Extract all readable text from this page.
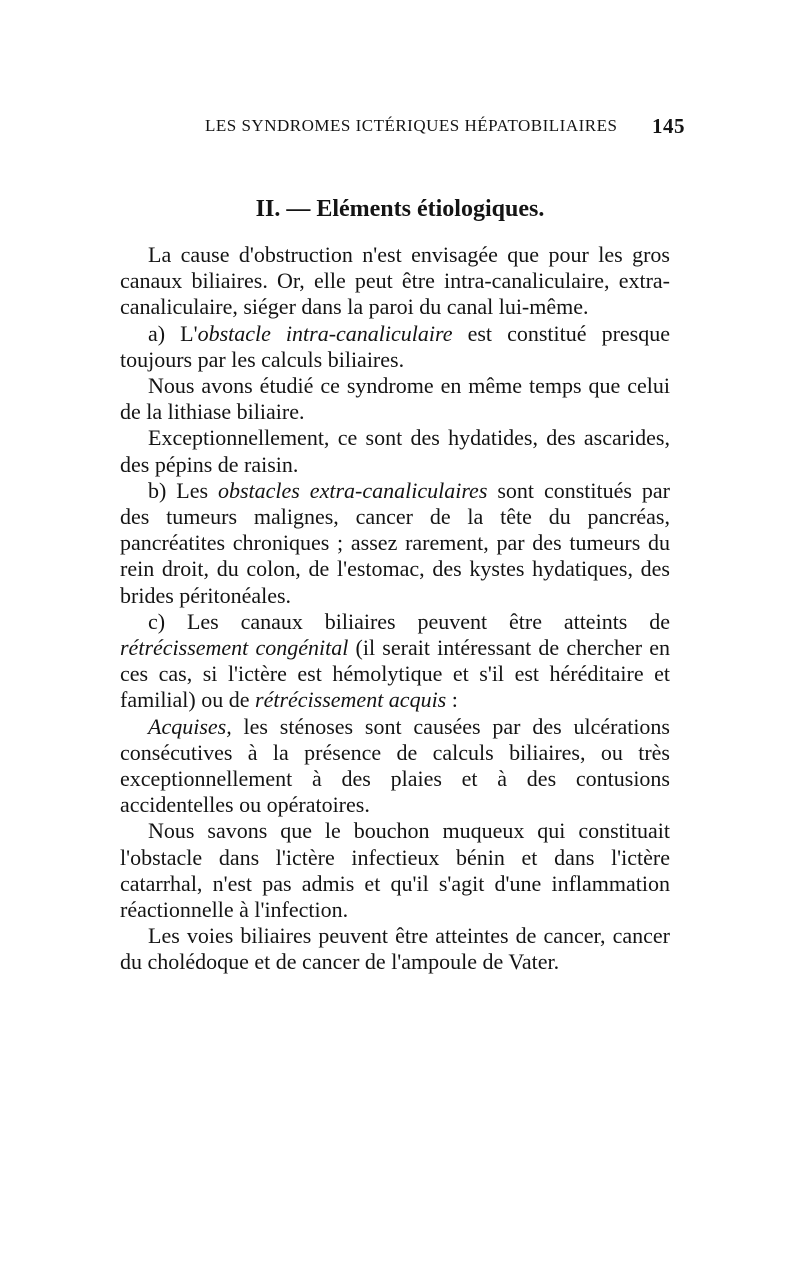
LES SYNDROMES ICTÉRIQUES HÉPATOBILIAIRES 145
II. — Eléments étiologiques.

La cause d'obstruction n'est envisagée que pour les gros canaux biliaires. Or, elle peut être intra-canaliculaire, extra-canaliculaire, siéger dans la paroi du canal lui-même.

a) L'obstacle intra-canaliculaire est constitué presque toujours par les calculs biliaires.

Nous avons étudié ce syndrome en même temps que celui de la lithiase biliaire.

Exceptionnellement, ce sont des hydatides, des ascarides, des pépins de raisin.

b) Les obstacles extra-canaliculaires sont constitués par des tumeurs malignes, cancer de la tête du pancréas, pancréatites chroniques ; assez rarement, par des tumeurs du rein droit, du colon, de l'estomac, des kystes hydatiques, des brides péritonéales.

c) Les canaux biliaires peuvent être atteints de rétrécissement congénital (il serait intéressant de chercher en ces cas, si l'ictère est hémolytique et s'il est héréditaire et familial) ou de rétrécissement acquis :

Acquises, les sténoses sont causées par des ulcérations consécutives à la présence de calculs biliaires, ou très exceptionnellement à des plaies et à des contusions accidentelles ou opératoires.

Nous savons que le bouchon muqueux qui constituait l'obstacle dans l'ictère infectieux bénin et dans l'ictère catarrhal, n'est pas admis et qu'il s'agit d'une inflammation réactionnelle à l'infection.

Les voies biliaires peuvent être atteintes de cancer, cancer du cholédoque et de cancer de l'ampoule de Vater.
